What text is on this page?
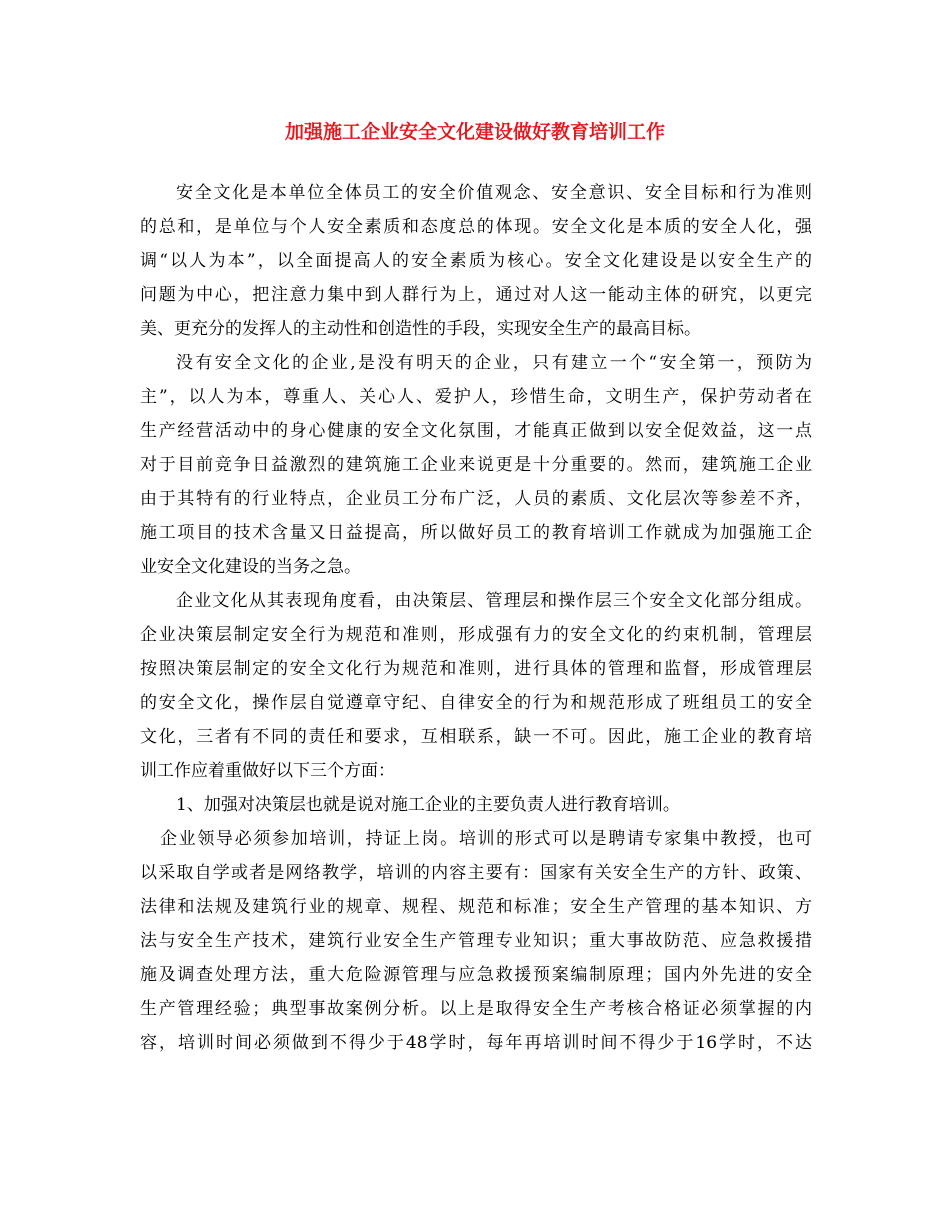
加强施工企业安全文化建设做好教育培训工作
安全文化是本单位全体员工的安全价值观念、安全意识、安全目标和行为准则
的总和，是单位与个人安全素质和态度总的体现。安全文化是本质的安全人化，强
调“以人为本”，以全面提高人的安全素质为核心。安全文化建设是以安全生产的
问题为中心，把注意力集中到人群行为上，通过对人这一能动主体的研究，以更完
美、更充分的发挥人的主动性和创造性的手段，实现安全生产的最高目标。
没有安全文化的企业,是没有明天的企业，只有建立一个“安全第一，预防为
主”，以人为本，尊重人、关心人、爱护人，珍惜生命，文明生产，保护劳动者在
生产经营活动中的身心健康的安全文化氛围，才能真正做到以安全促效益，这一点
对于目前竞争日益激烈的建筑施工企业来说更是十分重要的。然而，建筑施工企业
由于其特有的行业特点，企业员工分布广泛，人员的素质、文化层次等参差不齐，
施工项目的技术含量又日益提高，所以做好员工的教育培训工作就成为加强施工企
业安全文化建设的当务之急。
企业文化从其表现角度看，由决策层、管理层和操作层三个安全文化部分组成。
企业决策层制定安全行为规范和准则，形成强有力的安全文化的约束机制，管理层
按照决策层制定的安全文化行为规范和准则，进行具体的管理和监督，形成管理层
的安全文化，操作层自觉遵章守纪、自律安全的行为和规范形成了班组员工的安全
文化，三者有不同的责任和要求，互相联系，缺一不可。因此，施工企业的教育培
训工作应着重做好以下三个方面：
1、加强对决策层也就是说对施工企业的主要负责人进行教育培训。
企业领导必须参加培训，持证上岗。培训的形式可以是聘请专家集中教授，也可
以采取自学或者是网络教学，培训的内容主要有：国家有关安全生产的方针、政策、
法律和法规及建筑行业的规章、规程、规范和标准；安全生产管理的基本知识、方
法与安全生产技术，建筑行业安全生产管理专业知识；重大事故防范、应急救援措
施及调查处理方法，重大危险源管理与应急救援预案编制原理；国内外先进的安全
生产管理经验；典型事故案例分析。以上是取得安全生产考核合格证必须掌握的内
容，培训时间必须做到不得少于48学时，每年再培训时间不得少于16学时，不达
